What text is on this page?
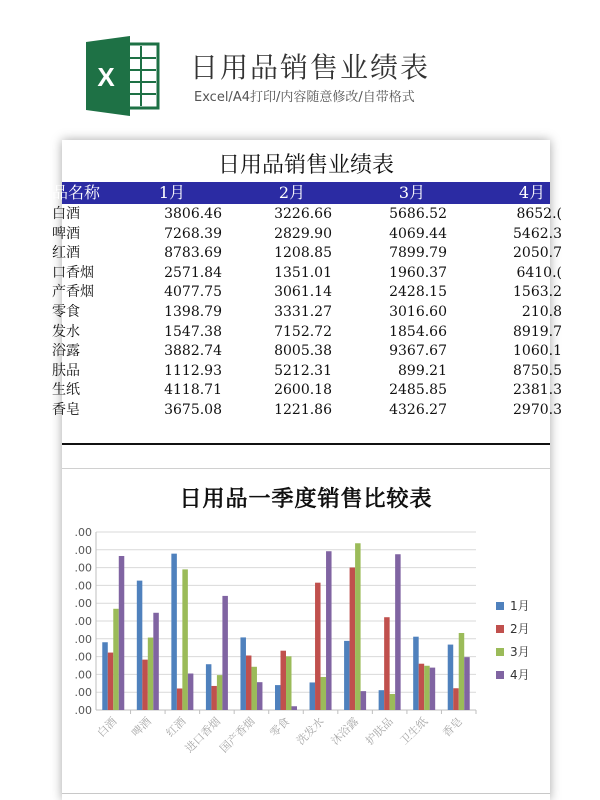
X	日用品销售业绩表
Excel/A4打印/内容随意修改/自带格式
日用品销售业绩表
品名称	1月	2月	3月	4月
白酒	3806.46	3226.66	5686.52	8652.(
啤酒	7268.39	2829.90	4069.44	5462.3
红酒	8783.69	1208.85	7899.79	2050.7
口香烟	2571.84	1351.01	1960.37	6410.(
产香烟	4077.75	3061.14	2428.15	1563.2
零食	1398.79	3331.27	3016.60	210.8
发水	1547.38	7152.72	1854.66	8919.7
浴露	3882.74	8005.38	9367.67	1060.1
肤品	1112.93	5212.31	899.21	8750.5
生纸	4118.71	2600.18	2485.85	2381.3
香皂	3675.08	1221.86	4326.27	2970.3
日用品一季度销售比较表
.00
.00
.00
.00
.00
.00
.00
.00
.00
.00
.00
白酒 啤酒 红酒
进口香烟
国产香烟 零食 洗发水 沐浴露 护肤品 卫生纸 香皂
1月
2月
3月
4月
